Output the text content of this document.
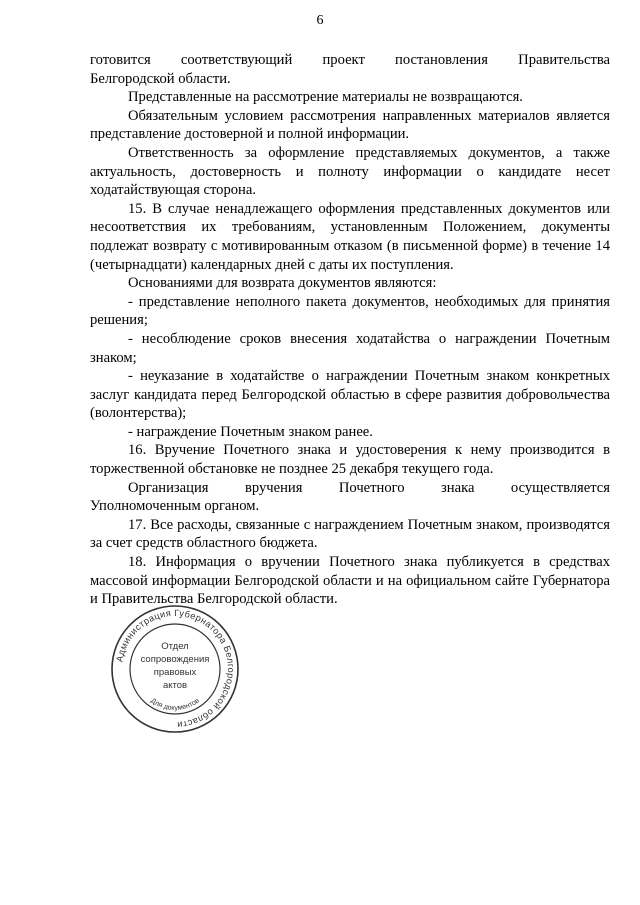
6
готовится соответствующий проект постановления Правительства
Белгородской области.

Представленные на рассмотрение материалы не возвращаются.

Обязательным условием рассмотрения направленных материалов является представление достоверной и полной информации.

Ответственность за оформление представляемых документов, а также актуальность, достоверность и полноту информации о кандидате несет ходатайствующая сторона.

15. В случае ненадлежащего оформления представленных документов или несоответствия их требованиям, установленным Положением, документы подлежат возврату с мотивированным отказом (в письменной форме) в течение 14 (четырнадцати) календарных дней с даты их поступления.

Основаниями для возврата документов являются:

- представление неполного пакета документов, необходимых для принятия решения;

- несоблюдение сроков внесения ходатайства о награждении Почетным знаком;

- неуказание в ходатайстве о награждении Почетным знаком конкретных заслуг кандидата перед Белгородской областью в сфере развития добровольчества (волонтерства);

- награждение Почетным знаком ранее.

16. Вручение Почетного знака и удостоверения к нему производится в торжественной обстановке не позднее 25 декабря текущего года.

Организация вручения Почетного знака осуществляется
Уполномоченным органом.

17. Все расходы, связанные с награждением Почетным знаком, производятся за счет средств областного бюджета.

18. Информация о вручении Почетного знака публикуется в средствах массовой информации Белгородской области и на официальном сайте Губернатора и Правительства Белгородской области.

Администрация Губернатора Белгородской области
Для документов
Отдел
сопровождения
правовых
актов
